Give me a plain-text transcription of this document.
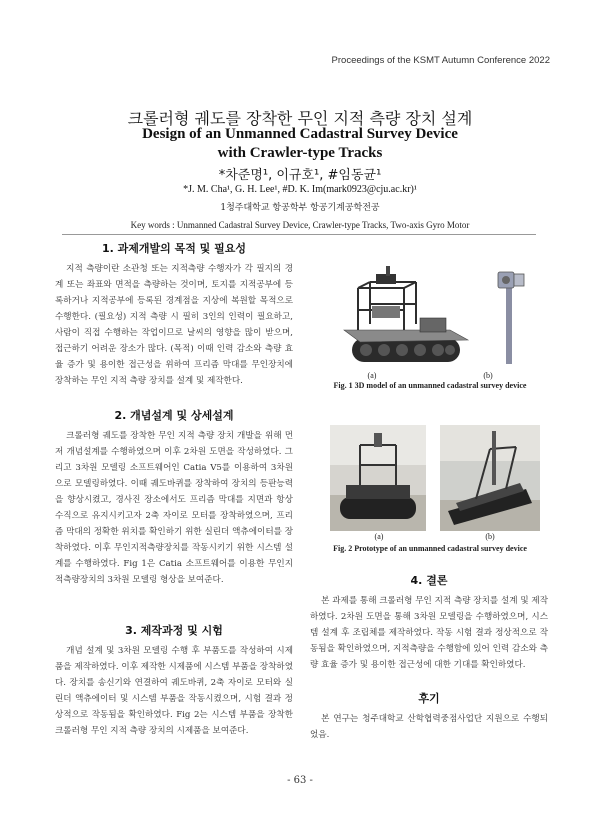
Proceedings of the KSMT Autumn Conference 2022
크롤러형 궤도를 장착한 무인 지적 측량 장치 설계
Design of an Unmanned Cadastral Survey Device
with Crawler-type Tracks
*차준명¹, 이규호¹, #임동균¹
*J. M. Cha¹, G. H. Lee¹, #D. K. Im(mark0923@cju.ac.kr)¹
1청주대학교 항공학부 항공기계공학전공
Key words : Unmanned Cadastral Survey Device, Crawler-type Tracks, Two-axis Gyro Motor
1. 과제개발의 목적 및 필요성

지적 측량이란 소관청 또는 지적측량 수행자가 각 필지의 경계 또는 좌표와 면적을 측량하는 것이며, 토지를 지적공부에 등록하거나 지적공부에 등록된 경계점을 지상에 복원할 목적으로 수행한다. (필요성) 지적 측량 시 필히 3인의 인력이 필요하고, 사람이 직접 수행하는 작업이므로 날씨의 영향을 많이 받으며, 접근하기 어려운 장소가 많다. (목적) 이때 인력 감소와 측량 효율 증가 및 용이한 접근성을 위하여 프리즘 막대를 무인장치에 장착하는 무인 지적 측량 장치를 설계 및 제작한다.

2. 개념설계 및 상세설계

크롤러형 궤도를 장착한 무인 지적 측량 장치 개발을 위해 먼저 개념설계를 수행하였으며 이후 2차원 도면을 작성하였다. 그리고 3차원 모델링 소프트웨어인 Catia V5를 이용하여 3차원으로 모델링하였다. 이때 궤도바퀴를 장착하여 장치의 등판능력을 향상시켰고, 경사진 장소에서도 프리즘 막대를 지면과 항상 수직으로 유지시키고자 2축 자이로 모터를 장착하였으며, 프리즘 막대의 정확한 위치를 확인하기 위한 실린더 액츄에이터를 장착하였다. 이후 무인지적측량장치를 작동시키기 위한 시스템 설계를 수행하였다. Fig 1은 Catia 소프트웨어를 이용한 무인지적측량장치의 3차원 모델링 형상을 보여준다.

3. 제작과정 및 시험

개념 설계 및 3차원 모델링 수행 후 부품도를 작성하여 시제품을 제작하였다. 이후 제작한 시제품에 시스템 부품을 장착하였다. 장치를 송신기와 연결하여 궤도바퀴, 2축 자이로 모터와 실린더 액츄에이터 및 시스템 부품을 작동시켰으며, 시험 결과 정상적으로 작동됨을 확인하였다. Fig 2는 시스템 부품을 장착한 크롤러형 무인 지적 측량 장치의 시제품을 보여준다.

(a)	(b)
Fig. 1 3D model of an unmanned cadastral survey device
(a)	(b)
Fig. 2 Prototype of an unmanned cadastral survey device
4. 결론

본 과제를 통해 크롤러형 무인 지적 측량 장치를 설계 및 제작하였다. 2차원 도면을 통해 3차원 모델링을 수행하였으며, 시스템 설계 후 조립체를 제작하였다. 작동 시험 결과 정상적으로 작동됨을 확인하였으며, 지적측량을 수행함에 있어 인력 감소와 측량 효율 증가 및 용이한 접근성에 대한 기대를 확인하였다.

후기

본 연구는 청주대학교 산학협력중점사업단 지원으로 수행되었음.

- 63 -
